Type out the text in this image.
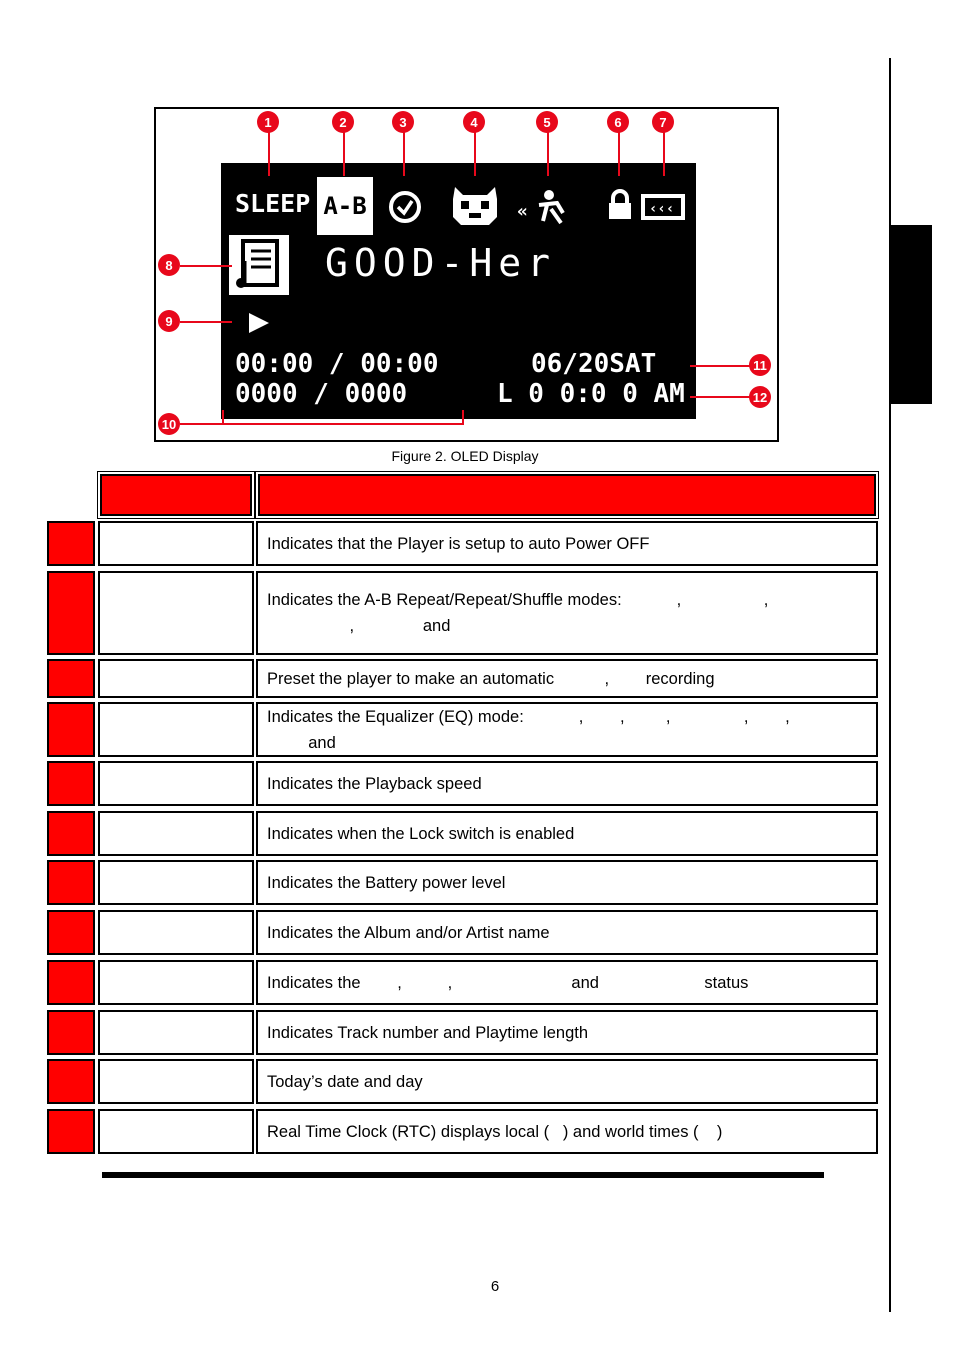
SLEEP A-B	«	‹‹‹
GOOD-Her
00:00 / 00:00
0000 / 0000
06/20SAT
L 0 0:0 0 AM
1	2	3	4	5	6	7
8
9
10
11
12
Figure 2. OLED Display
Indicates that the Player is setup to auto Power OFF
Indicates the A-B Repeat/Repeat/Shuffle modes:            ,                  ,
,               and
Preset the player to make an automatic           ,        recording
Indicates the Equalizer (EQ) mode:            ,        ,         ,                ,        ,
and
Indicates the Playback speed
Indicates when the Lock switch is enabled
Indicates the Battery power level
Indicates the Album and/or Artist name
Indicates the        ,          ,                          and                       status
Indicates Track number and Playtime length
Today’s date and day
Real Time Clock (RTC) displays local (   ) and world times (    )
6
